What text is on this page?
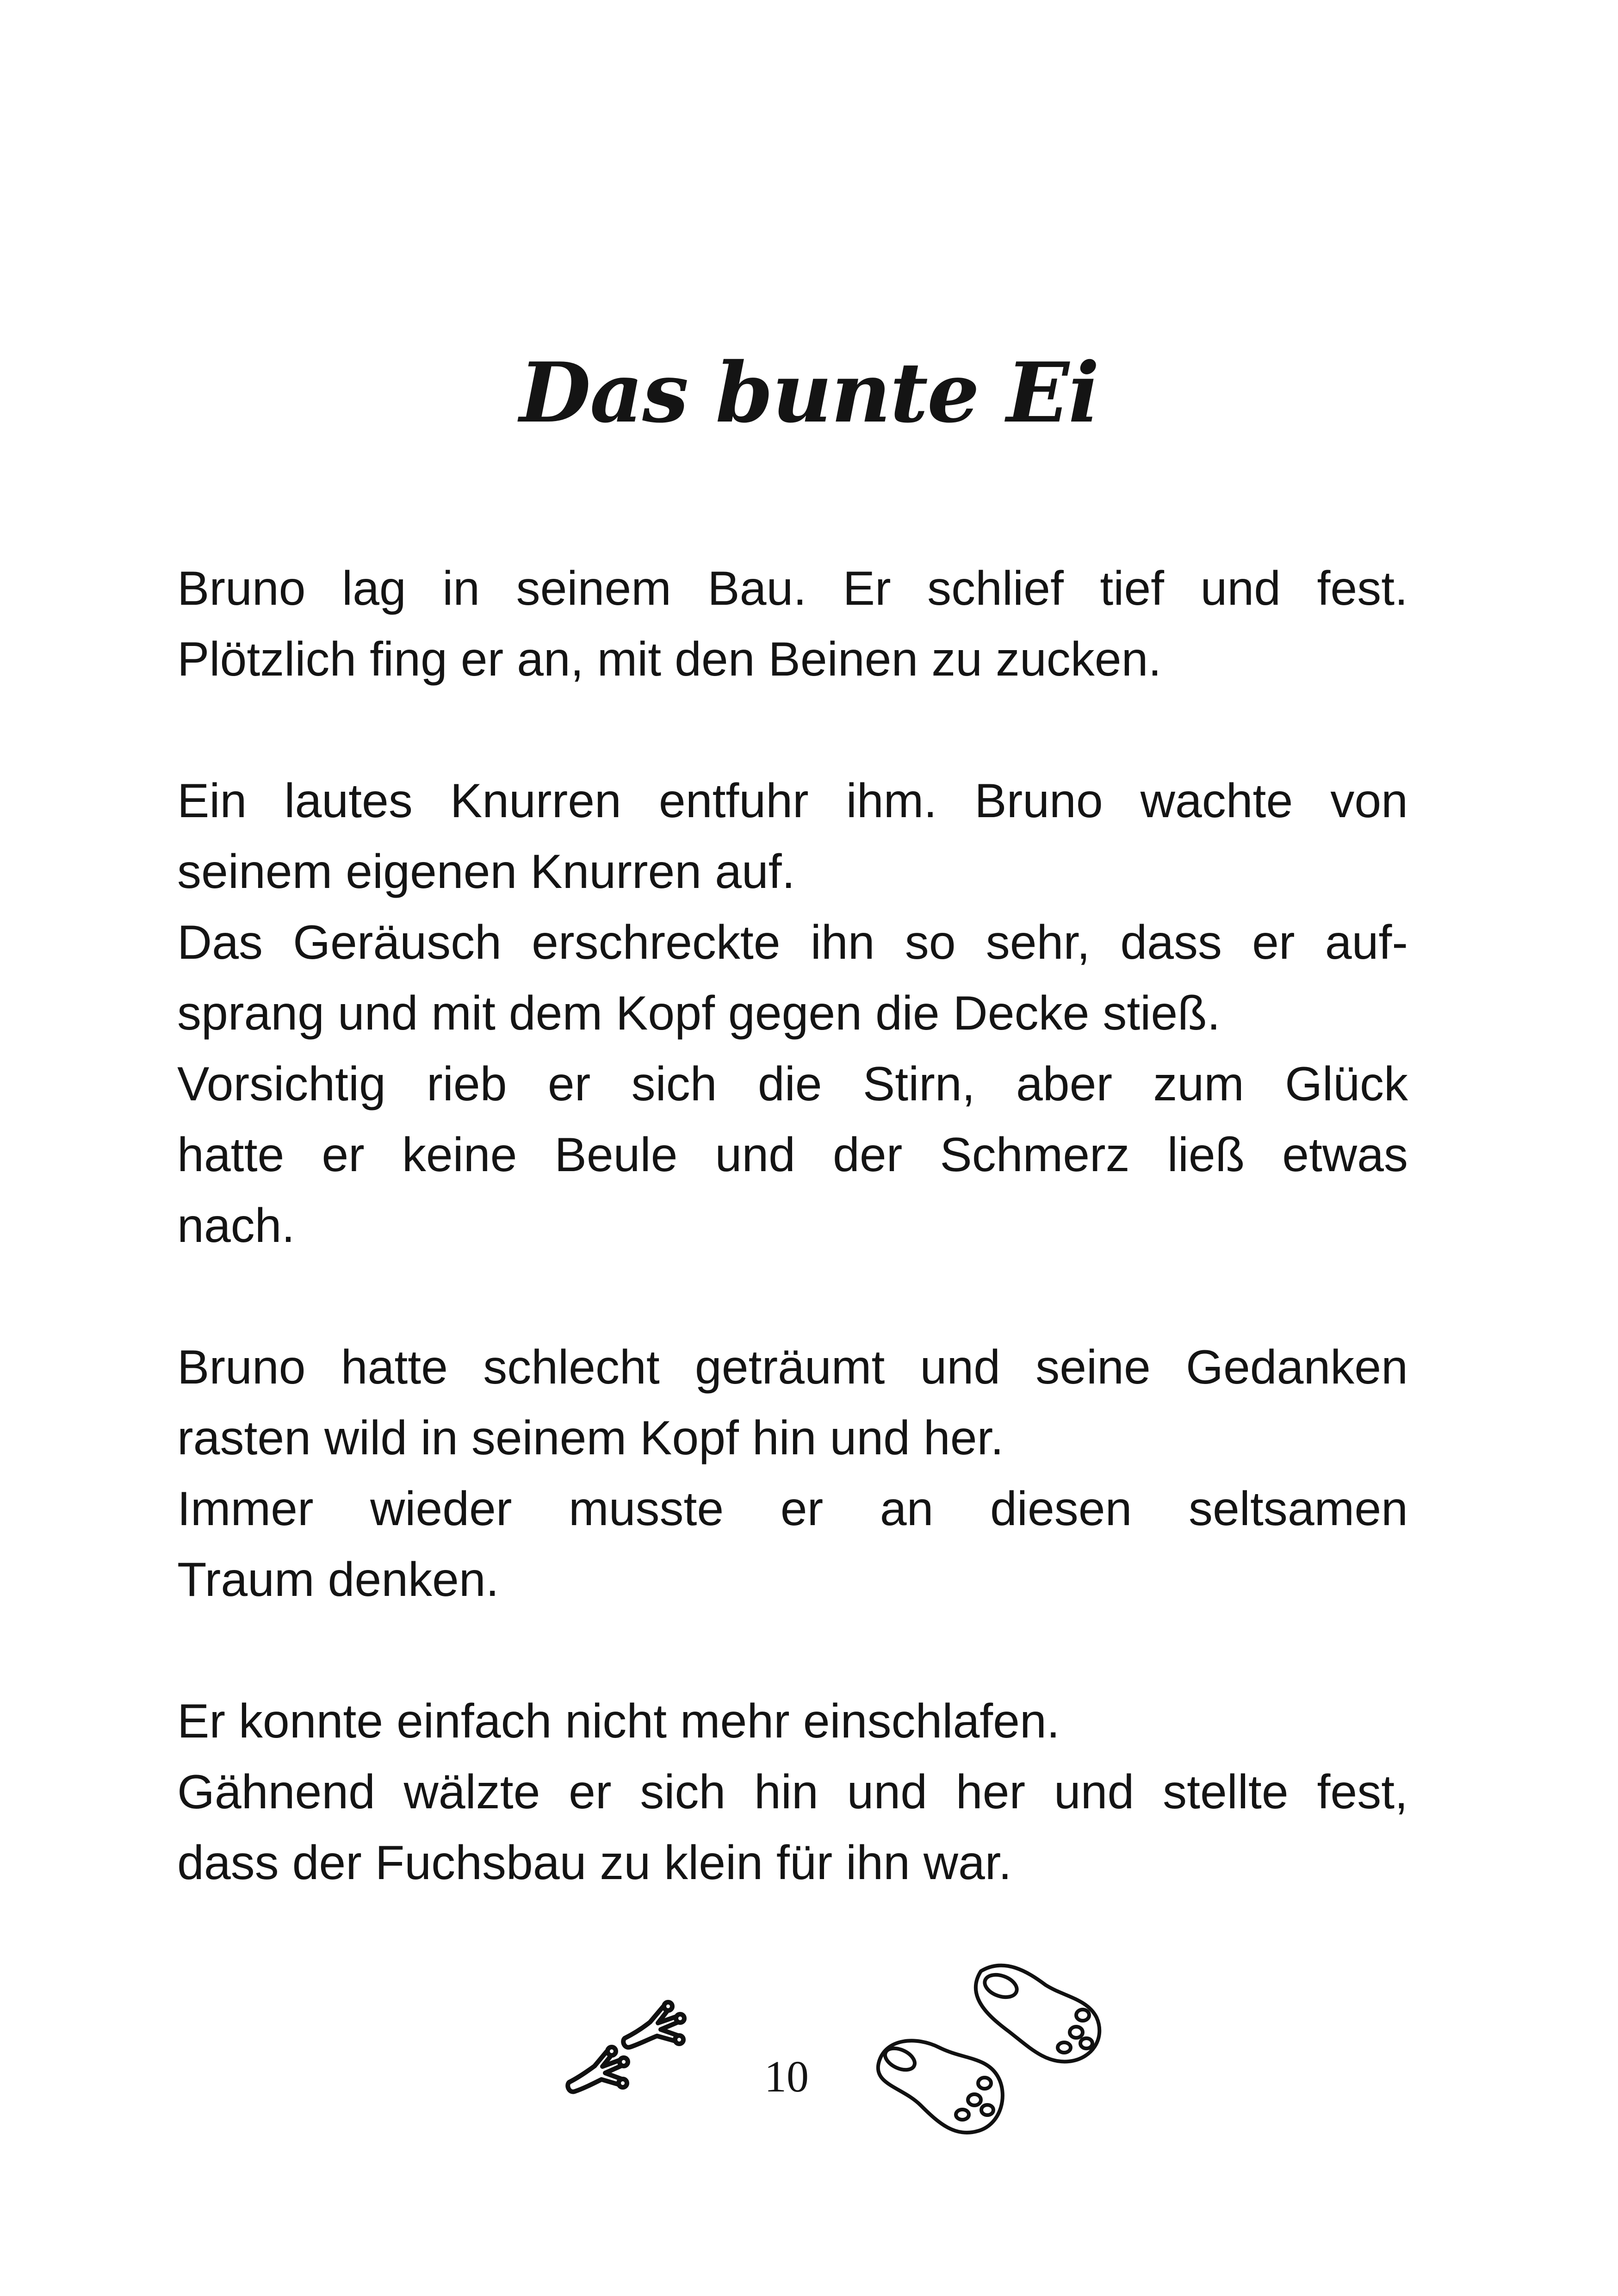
Das bunte Ei

Bruno lag in seinem Bau. Er schlief tief und fest.
Plötzlich fing er an, mit den Beinen zu zucken.

Ein lautes Knurren entfuhr ihm. Bruno wachte von
seinem eigenen Knurren auf.
Das Geräusch erschreckte ihn so sehr, dass er auf-
sprang und mit dem Kopf gegen die Decke stieß.
Vorsichtig rieb er sich die Stirn, aber zum Glück
hatte er keine Beule und der Schmerz ließ etwas
nach.

Bruno hatte schlecht geträumt und seine Gedanken
rasten wild in seinem Kopf hin und her.
Immer wieder musste er an diesen seltsamen
Traum denken.

Er konnte einfach nicht mehr einschlafen.
Gähnend wälzte er sich hin und her und stellte fest,
dass der Fuchsbau zu klein für ihn war.

10
